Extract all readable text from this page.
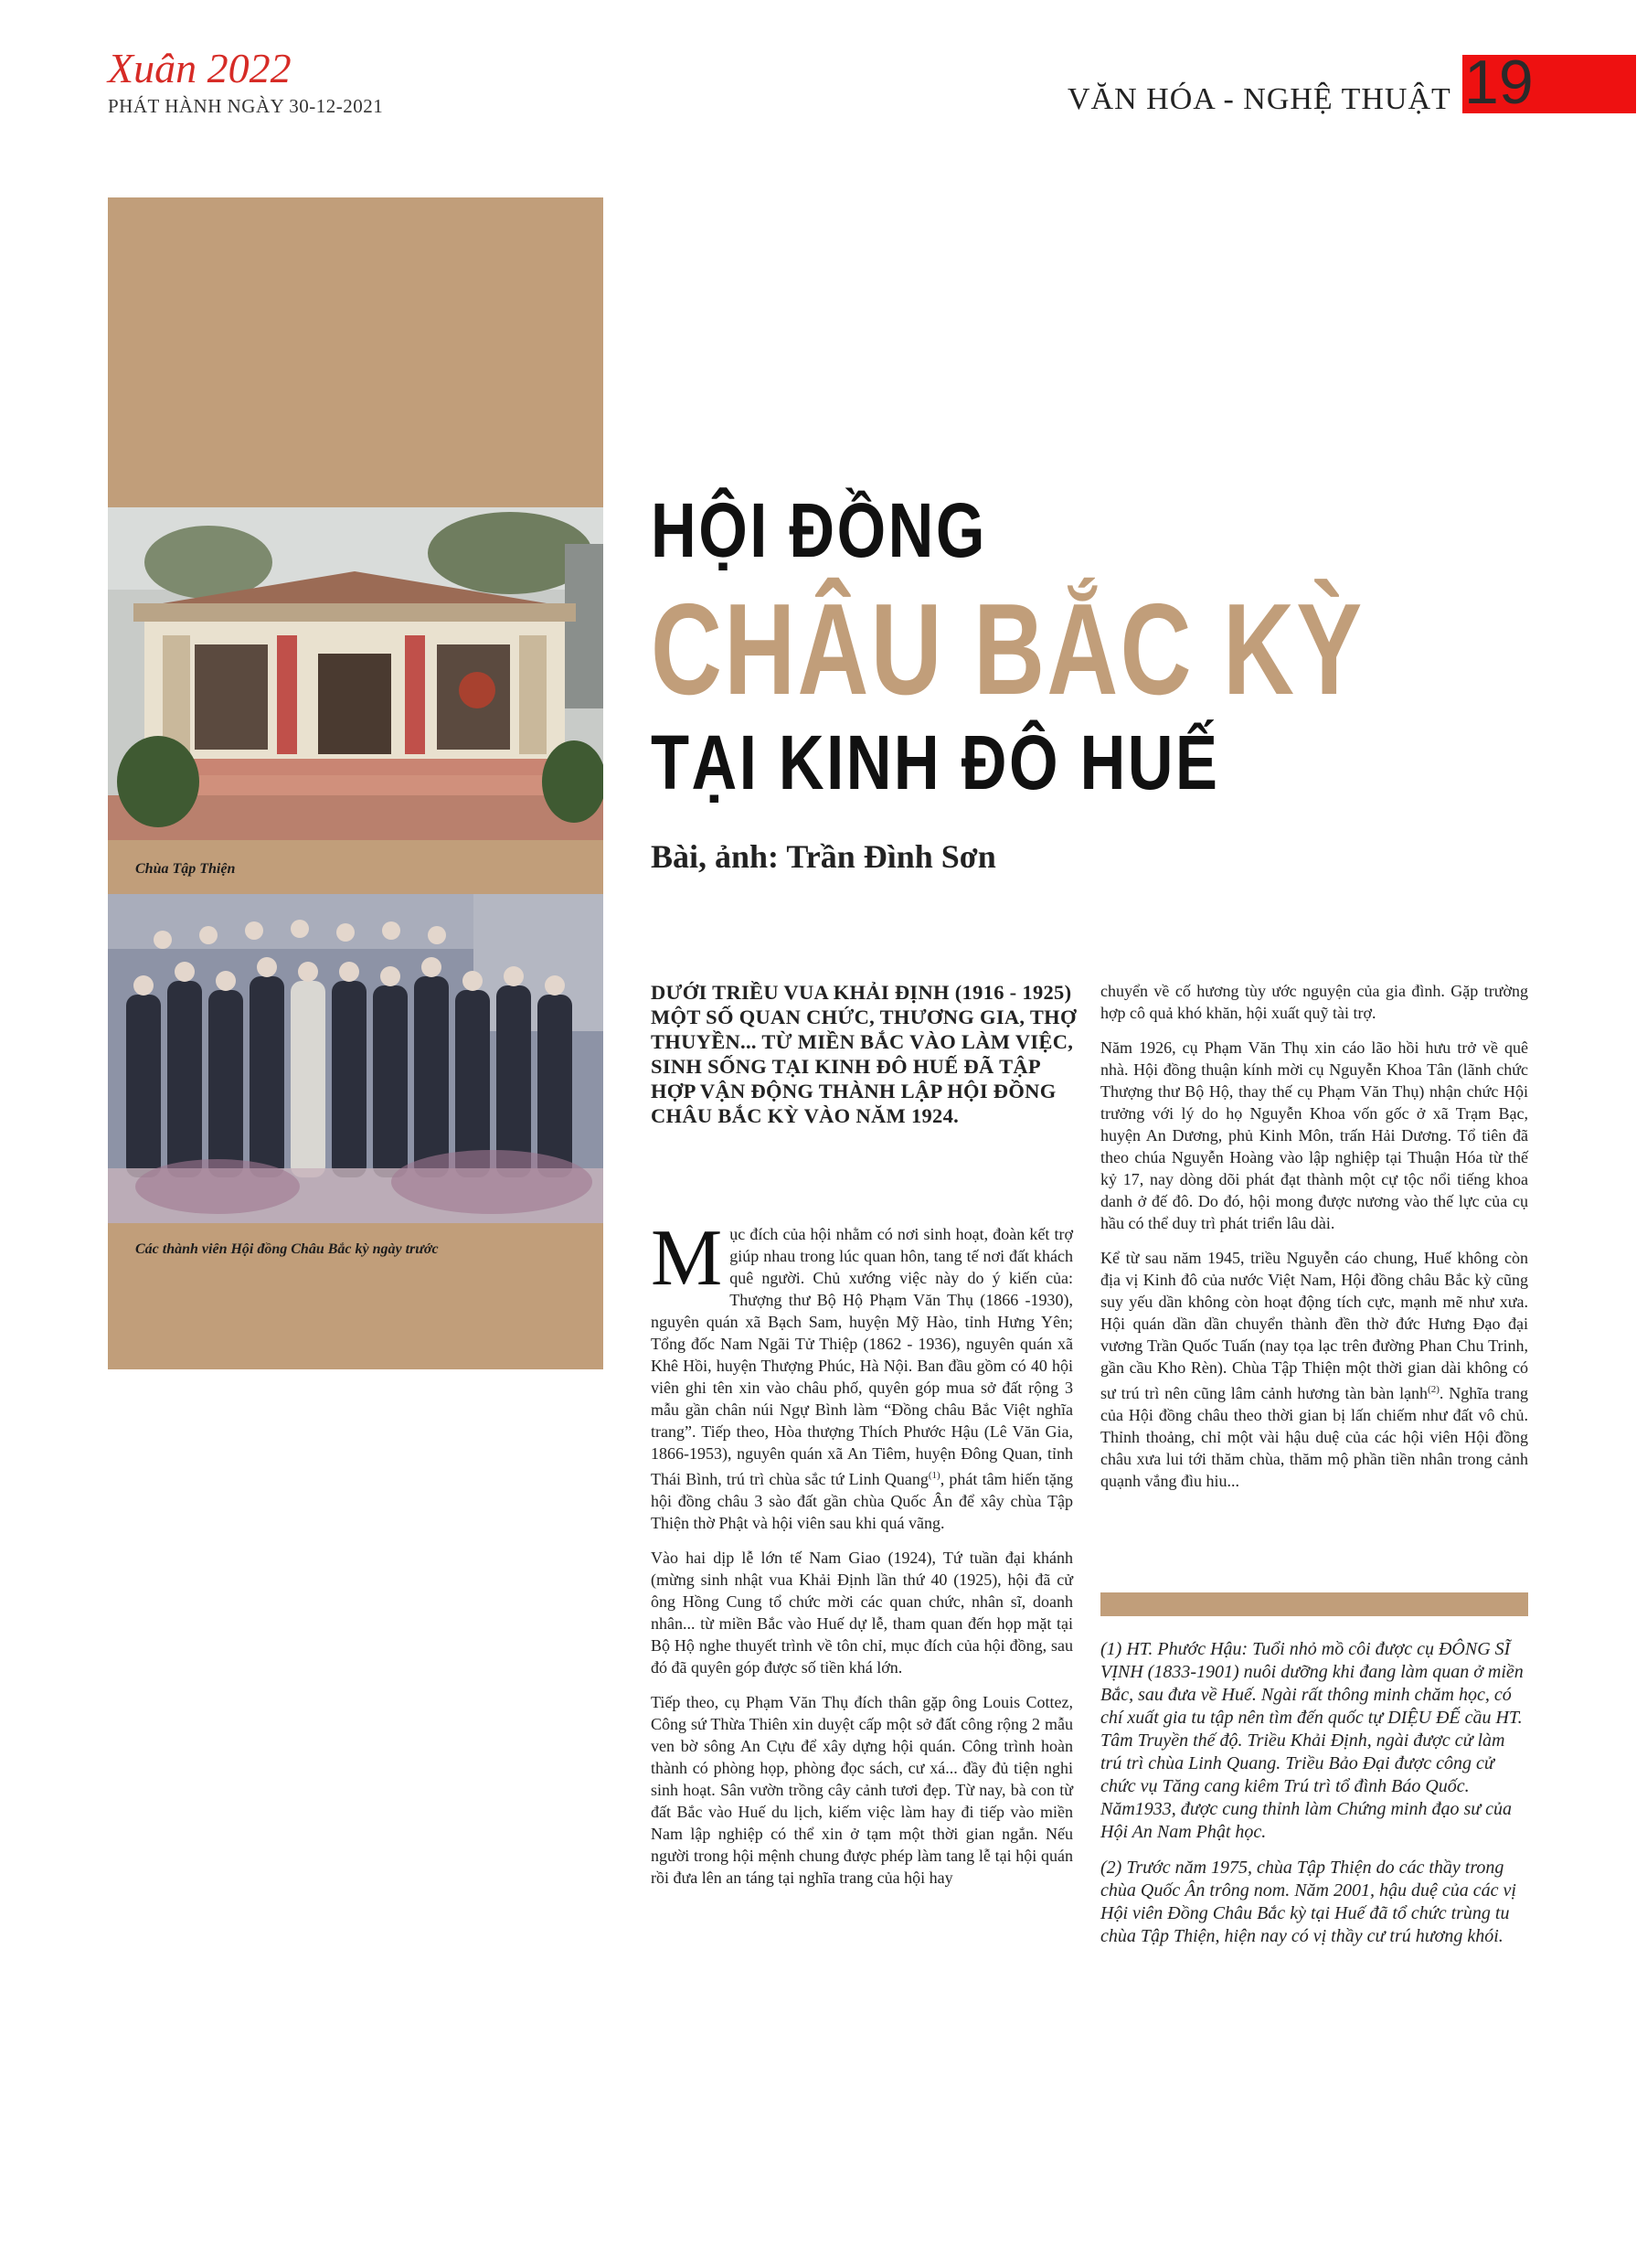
Xuân 2022
PHÁT HÀNH NGÀY 30-12-2021	VĂN HÓA - NGHỆ THUẬT 19
Chùa Tập Thiện
Các thành viên Hội đồng Châu Bắc kỳ ngày trước
HỘI ĐỒNG
CHÂU BẮC KỲ
TẠI KINH ĐÔ HUẾ
Bài, ảnh: Trần Đình Sơn
DƯỚI TRIỀU VUA KHẢI ĐỊNH (1916 - 1925) MỘT SỐ QUAN CHỨC, THƯƠNG GIA, THỢ THUYỀN... TỪ MIỀN BẮC VÀO LÀM VIỆC, SINH SỐNG TẠI KINH ĐÔ HUẾ ĐÃ TẬP HỢP VẬN ĐỘNG THÀNH LẬP HỘI ĐỒNG CHÂU BẮC KỲ VÀO NĂM 1924.

Mục đích của hội nhằm có nơi sinh hoạt, đoàn kết trợ giúp nhau trong lúc quan hôn, tang tế nơi đất khách quê người. Chủ xướng việc này do ý kiến của: Thượng thư Bộ Hộ Phạm Văn Thụ (1866 -1930), nguyên quán xã Bạch Sam, huyện Mỹ Hào, tỉnh Hưng Yên; Tổng đốc Nam Ngãi Tử Thiệp (1862 - 1936), nguyên quán xã Khê Hồi, huyện Thượng Phúc, Hà Nội. Ban đầu gồm có 40 hội viên ghi tên xin vào châu phố, quyên góp mua sở đất rộng 3 mẫu gần chân núi Ngự Bình làm “Đồng châu Bắc Việt nghĩa trang”. Tiếp theo, Hòa thượng Thích Phước Hậu (Lê Văn Gia, 1866-1953), nguyên quán xã An Tiêm, huyện Đông Quan, tỉnh Thái Bình, trú trì chùa sắc tứ Linh Quang$^{(1)}$, phát tâm hiến tặng hội đồng châu 3 sào đất gần chùa Quốc Ân để xây chùa Tập Thiện thờ Phật và hội viên sau khi quá vãng.

Vào hai dịp lễ lớn tế Nam Giao (1924), Tứ tuần đại khánh (mừng sinh nhật vua Khải Định lần thứ 40 (1925), hội đã cử ông Hồng Cung tổ chức mời các quan chức, nhân sĩ, doanh nhân... từ miền Bắc vào Huế dự lễ, tham quan đến họp mặt tại Bộ Hộ nghe thuyết trình về tôn chỉ, mục đích của hội đồng, sau đó đã quyên góp được số tiền khá lớn.

Tiếp theo, cụ Phạm Văn Thụ đích thân gặp ông Louis Cottez, Công sứ Thừa Thiên xin duyệt cấp một sở đất công rộng 2 mẫu ven bờ sông An Cựu để xây dựng hội quán. Công trình hoàn thành có phòng họp, phòng đọc sách, cư xá... đầy đủ tiện nghi sinh hoạt. Sân vườn trồng cây cảnh tươi đẹp. Từ nay, bà con từ đất Bắc vào Huế du lịch, kiếm việc làm hay đi tiếp vào miền Nam lập nghiệp có thể xin ở tạm một thời gian ngắn. Nếu người trong hội mệnh chung được phép làm tang lễ tại hội quán rồi đưa lên an táng tại nghĩa trang của hội hay

chuyển về cố hương tùy ước nguyện của gia đình. Gặp trường hợp cô quả khó khăn, hội xuất quỹ tài trợ.

Năm 1926, cụ Phạm Văn Thụ xin cáo lão hồi hưu trở về quê nhà. Hội đồng thuận kính mời cụ Nguyễn Khoa Tân (lãnh chức Thượng thư Bộ Hộ, thay thế cụ Phạm Văn Thụ) nhận chức Hội trưởng với lý do họ Nguyễn Khoa vốn gốc ở xã Trạm Bạc, huyện An Dương, phủ Kinh Môn, trấn Hải Dương. Tổ tiên đã theo chúa Nguyễn Hoàng vào lập nghiệp tại Thuận Hóa từ thế kỷ 17, nay dòng dõi phát đạt thành một cự tộc nổi tiếng khoa danh ở đế đô. Do đó, hội mong được nương vào thế lực của cụ hầu có thể duy trì phát triển lâu dài.

Kể từ sau năm 1945, triều Nguyễn cáo chung, Huế không còn địa vị Kinh đô của nước Việt Nam, Hội đồng châu Bắc kỳ cũng suy yếu dần không còn hoạt động tích cực, mạnh mẽ như xưa. Hội quán dần dần chuyển thành đền thờ đức Hưng Đạo đại vương Trần Quốc Tuấn (nay tọa lạc trên đường Phan Chu Trinh, gần cầu Kho Rèn). Chùa Tập Thiện một thời gian dài không có sư trú trì nên cũng lâm cảnh hương tàn bàn lạnh$^{(2)}$. Nghĩa trang của Hội đồng châu theo thời gian bị lấn chiếm như đất vô chủ. Thỉnh thoảng, chỉ một vài hậu duệ của các hội viên Hội đồng châu xưa lui tới thăm chùa, thăm mộ phần tiền nhân trong cảnh quạnh vắng đìu hiu...

(1) HT. Phước Hậu: Tuổi nhỏ mồ côi được cụ ĐÔNG SĨ VỊNH (1833-1901) nuôi dưỡng khi đang làm quan ở miền Bắc, sau đưa về Huế. Ngài rất thông minh chăm học, có chí xuất gia tu tập nên tìm đến quốc tự DIỆU ĐẾ cầu HT. Tâm Truyền thế độ. Triều Khải Định, ngài được cử làm trú trì chùa Linh Quang. Triều Bảo Đại được công cử chức vụ Tăng cang kiêm Trú trì tổ đình Báo Quốc. Năm1933, được cung thỉnh làm Chứng minh đạo sư của Hội An Nam Phật học.

(2) Trước năm 1975, chùa Tập Thiện do các thầy trong chùa Quốc Ân trông nom. Năm 2001, hậu duệ của các vị Hội viên Đồng Châu Bắc kỳ tại Huế đã tổ chức trùng tu chùa Tập Thiện, hiện nay có vị thầy cư trú hương khói.
